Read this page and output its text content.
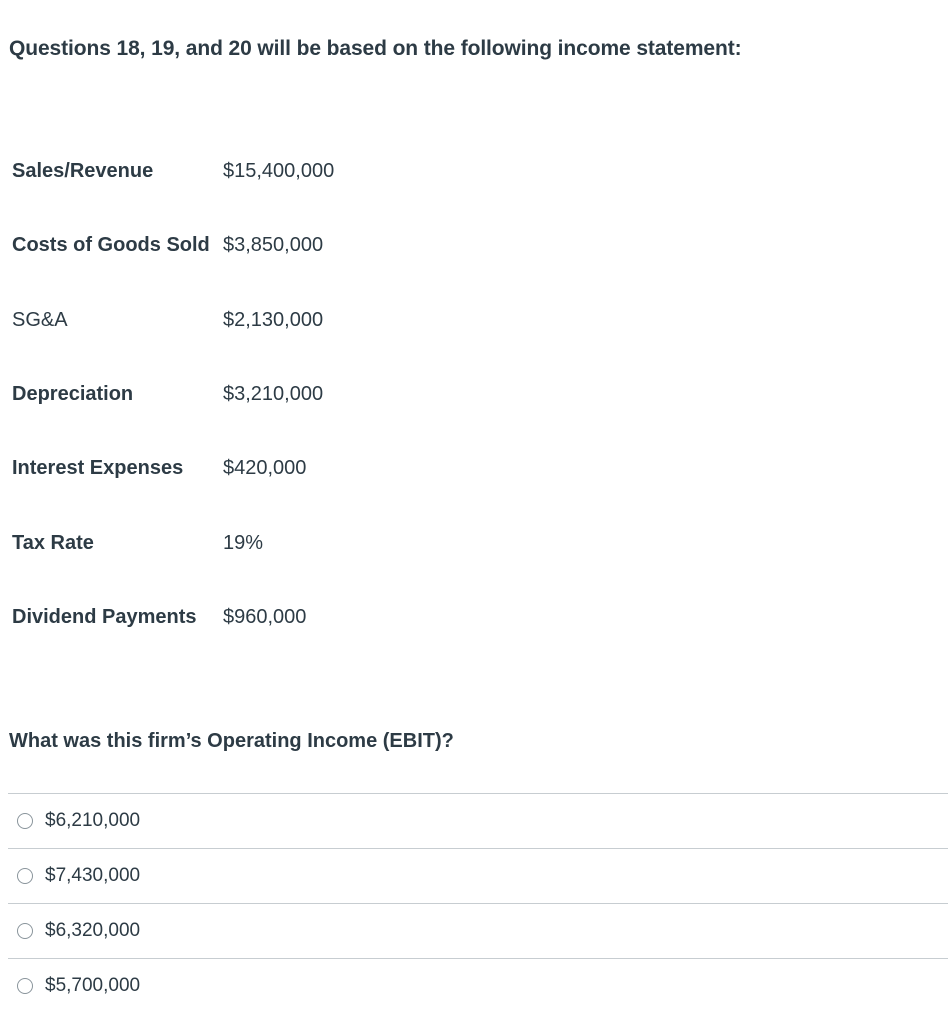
Questions 18, 19, and 20 will be based on the following income statement:

Sales/Revenue	$15,400,000
Costs of Goods Sold $3,850,000
SG&A	$2,130,000
Depreciation	$3,210,000
Interest Expenses $420,000
Tax Rate	19%
Dividend Payments $960,000

What was this firm’s Operating Income (EBIT)?

$6,210,000
$7,430,000
$6,320,000
$5,700,000
